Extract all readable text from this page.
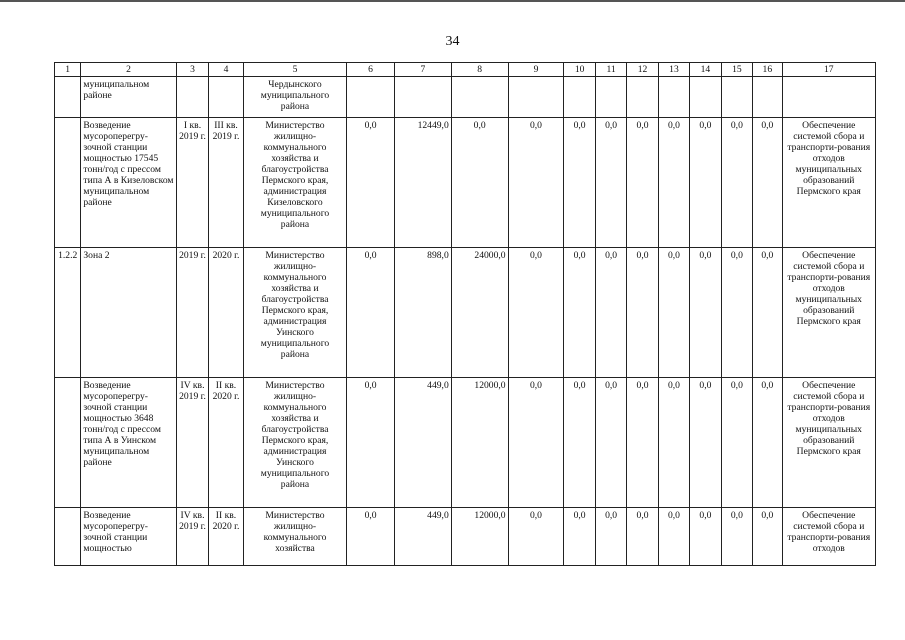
34
1	2	3	4	5	6	7	8	9	10	11	12	13	14	15	16	17
	муниципальном районе			Чердынского муниципального района												
	Возведение мусороперегру-зочной станции мощностью 17545 тонн/год с прессом типа А в Кизеловском муниципальном районе	I кв. 2019 г.	III кв. 2019 г.	Министерство жилищно-коммунального хозяйства и благоустройства Пермского края, администрация Кизеловского муниципального района	0,0	12449,0	0,0	0,0	0,0	0,0	0,0	0,0	0,0	0,0	0,0	Обеспечение системой сбора и транспорти-рования отходов муниципальных образований Пермского края
1.2.2	Зона 2	2019 г.	2020 г.	Министерство жилищно-коммунального хозяйства и благоустройства Пермского края, администрация Уинского муниципального района	0,0	898,0	24000,0	0,0	0,0	0,0	0,0	0,0	0,0	0,0	0,0	Обеспечение системой сбора и транспорти-рования отходов муниципальных образований Пермского края
	Возведение мусороперегру-зочной станции мощностью 3648 тонн/год с прессом типа А в Уинском муниципальном районе	IV кв. 2019 г.	II кв. 2020 г.	Министерство жилищно-коммунального хозяйства и благоустройства Пермского края, администрация Уинского муниципального района	0,0	449,0	12000,0	0,0	0,0	0,0	0,0	0,0	0,0	0,0	0,0	Обеспечение системой сбора и транспорти-рования отходов муниципальных образований Пермского края
	Возведение мусороперегру-зочной станции мощностью	IV кв. 2019 г.	II кв. 2020 г.	Министерство жилищно-коммунального хозяйства	0,0	449,0	12000,0	0,0	0,0	0,0	0,0	0,0	0,0	0,0	0,0	Обеспечение системой сбора и транспорти-рования отходов
